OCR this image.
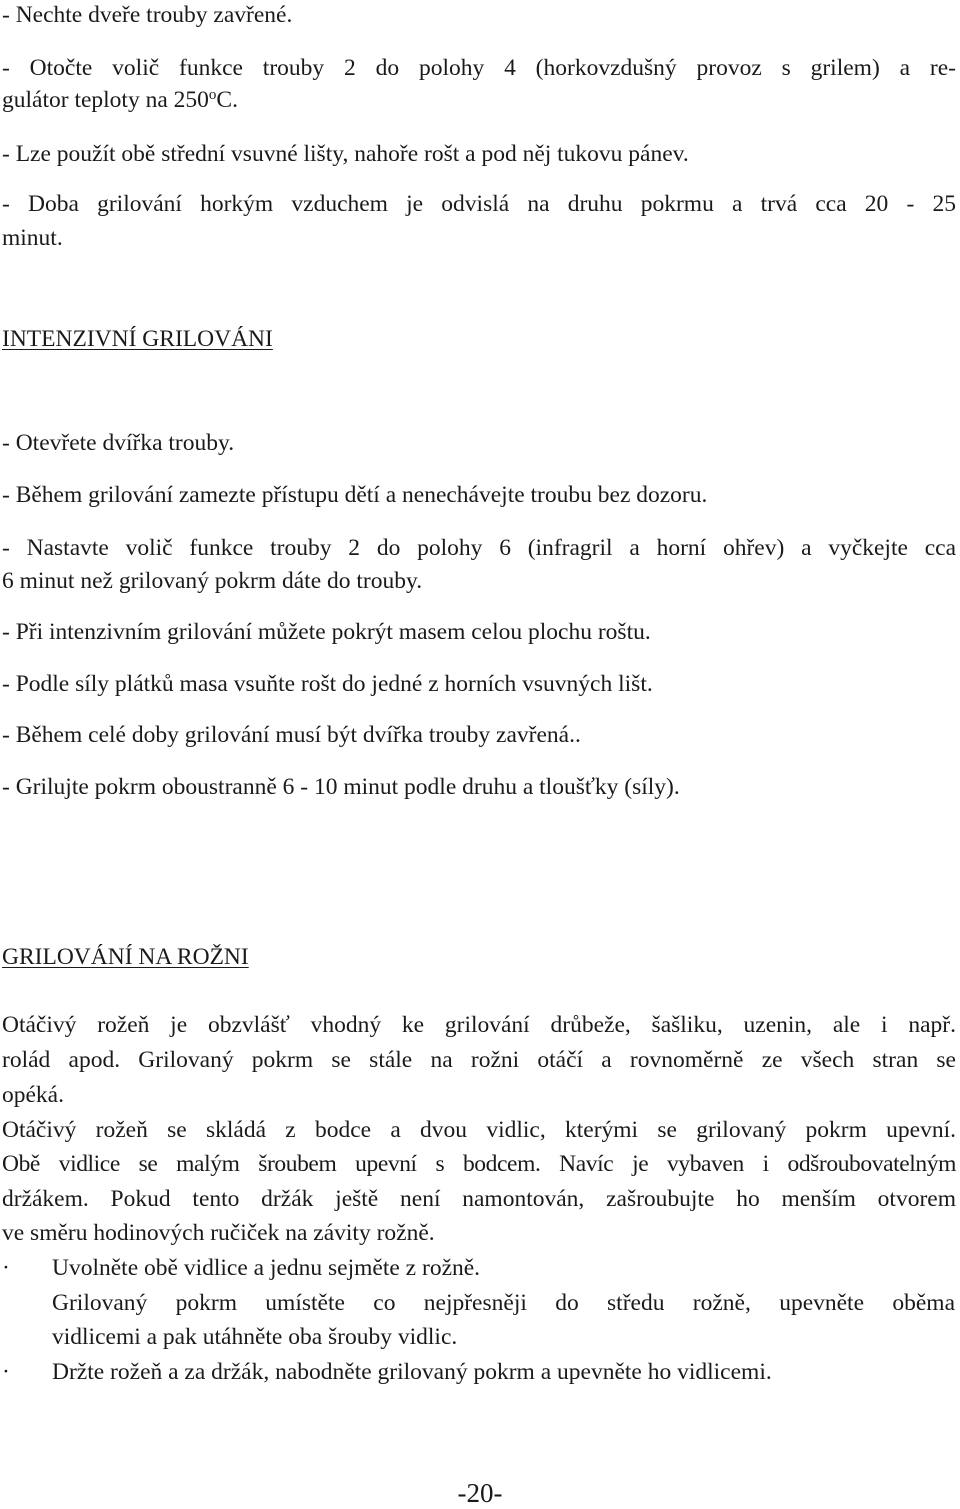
- Nechte dveře trouby zavřené.
- Otočte volič funkce trouby 2 do polohy 4 (horkovzdušný provoz s grilem) a re-
gulátor teploty na 250$^o$C.
- Lze použít obě střední vsuvné lišty, nahoře rošt a pod něj tukovu pánev.
- Doba grilování horkým vzduchem je odvislá na druhu pokrmu a trvá cca 20 - 25
minut.
INTENZIVNÍ GRILOVÁNI
- Otevřete dvířka trouby.
- Během grilování zamezte přístupu dětí a nenechávejte troubu bez dozoru.
- Nastavte volič funkce trouby 2 do polohy 6 (infragril a horní ohřev) a vyčkejte cca
6 minut než grilovaný pokrm dáte do trouby.
- Při intenzivním grilování můžete pokrýt masem celou plochu roštu.
- Podle síly plátků masa vsuňte rošt do jedné z horních vsuvných lišt.
- Během celé doby grilování musí být dvířka trouby zavřená..
- Grilujte pokrm oboustranně 6 - 10 minut podle druhu a tloušťky (síly).
GRILOVÁNÍ NA ROŽNI
Otáčivý rožeň je obzvlášť vhodný ke grilování drůbeže, šašliku, uzenin, ale i např.
rolád apod. Grilovaný pokrm se stále na rožni otáčí a rovnoměrně ze všech stran se
opéká.
Otáčivý rožeň se skládá z bodce a dvou vidlic, kterými se grilovaný pokrm upevní.
Obě vidlice se malým šroubem upevní s bodcem. Navíc je vybaven i odšroubovatelným
držákem. Pokud tento držák ještě není namontován, zašroubujte ho menším otvorem
ve směru hodinových ručiček na závity rožně.
· Uvolněte obě vidlice a jednu sejměte z rožně.
Grilovaný pokrm umístěte co nejpřesněji do středu rožně, upevněte oběma
vidlicemi a pak utáhněte oba šrouby vidlic.
· Držte rožeň a za držák, nabodněte grilovaný pokrm a upevněte ho vidlicemi.
-20-
